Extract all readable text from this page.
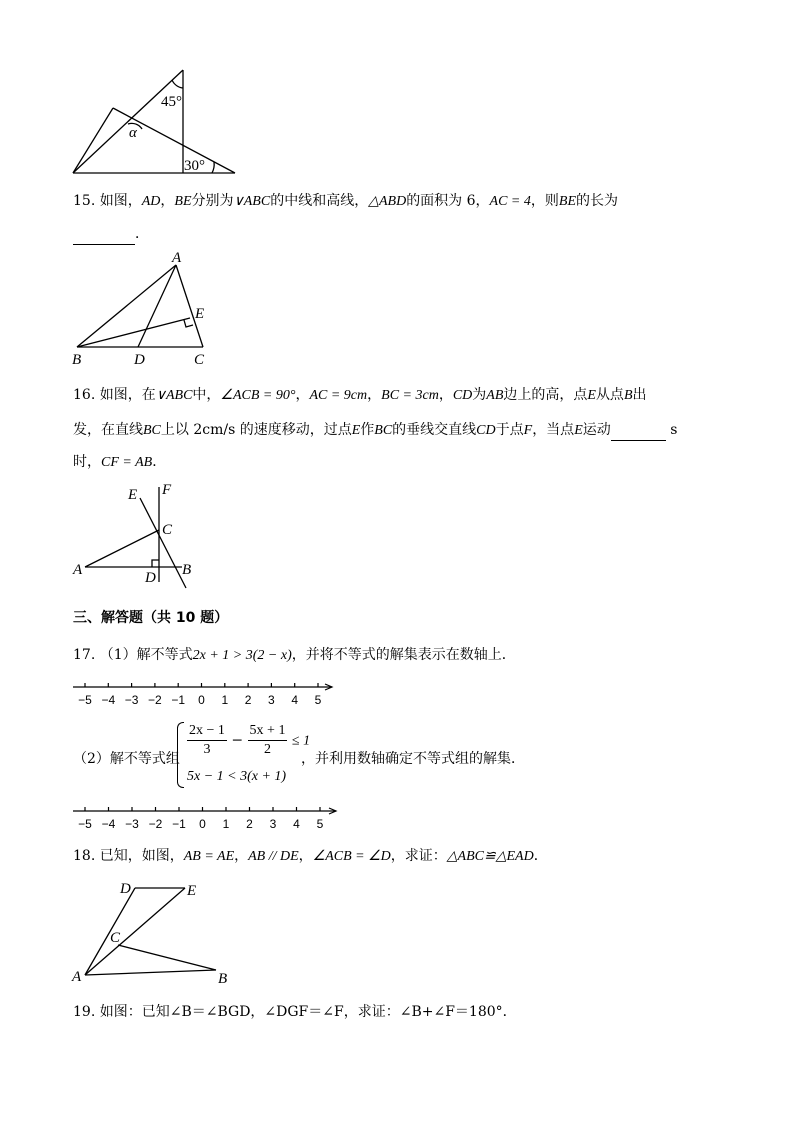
45°
α
30°
15. 如图，AD，BE分别为∨ABC的中线和高线，△ABD的面积为 6，AC = 4，则BE的长为
．
A
E
B	D	C
16. 如图，在∨ABC中，∠ACB = 90°，AC = 9cm，BC = 3cm，CD为AB边上的高，点E从点B出
发，在直线BC上以 2cm/s 的速度移动，过点E作BC的垂线交直线CD于点F，当点E运动	s
时，CF = AB．
E F
C
A	D B
三、解答题（共 10 题）
17. （1）解不等式2x + 1 > 3(2 − x)，并将不等式的解集表示在数轴上．
−5 −4 −3 −2 −1 0 1 2 3 4 5
（2）解不等式组 $\frac{2x - 1}{3} - \frac{5x + 1}{2} \le 1$
5x − 1 < 3(x + 1)
，并利用数轴确定不等式组的解集．
−5 −4 −3 −2 −1 0 1 2 3 4 5
18. 已知，如图，AB = AE，AB // DE，∠ACB = ∠D，求证：△ABC≌△EAD．
D	E
C
A	B
19. 如图：已知∠B＝∠BGD，∠DGF＝∠F，求证：∠B+∠F＝180°．
